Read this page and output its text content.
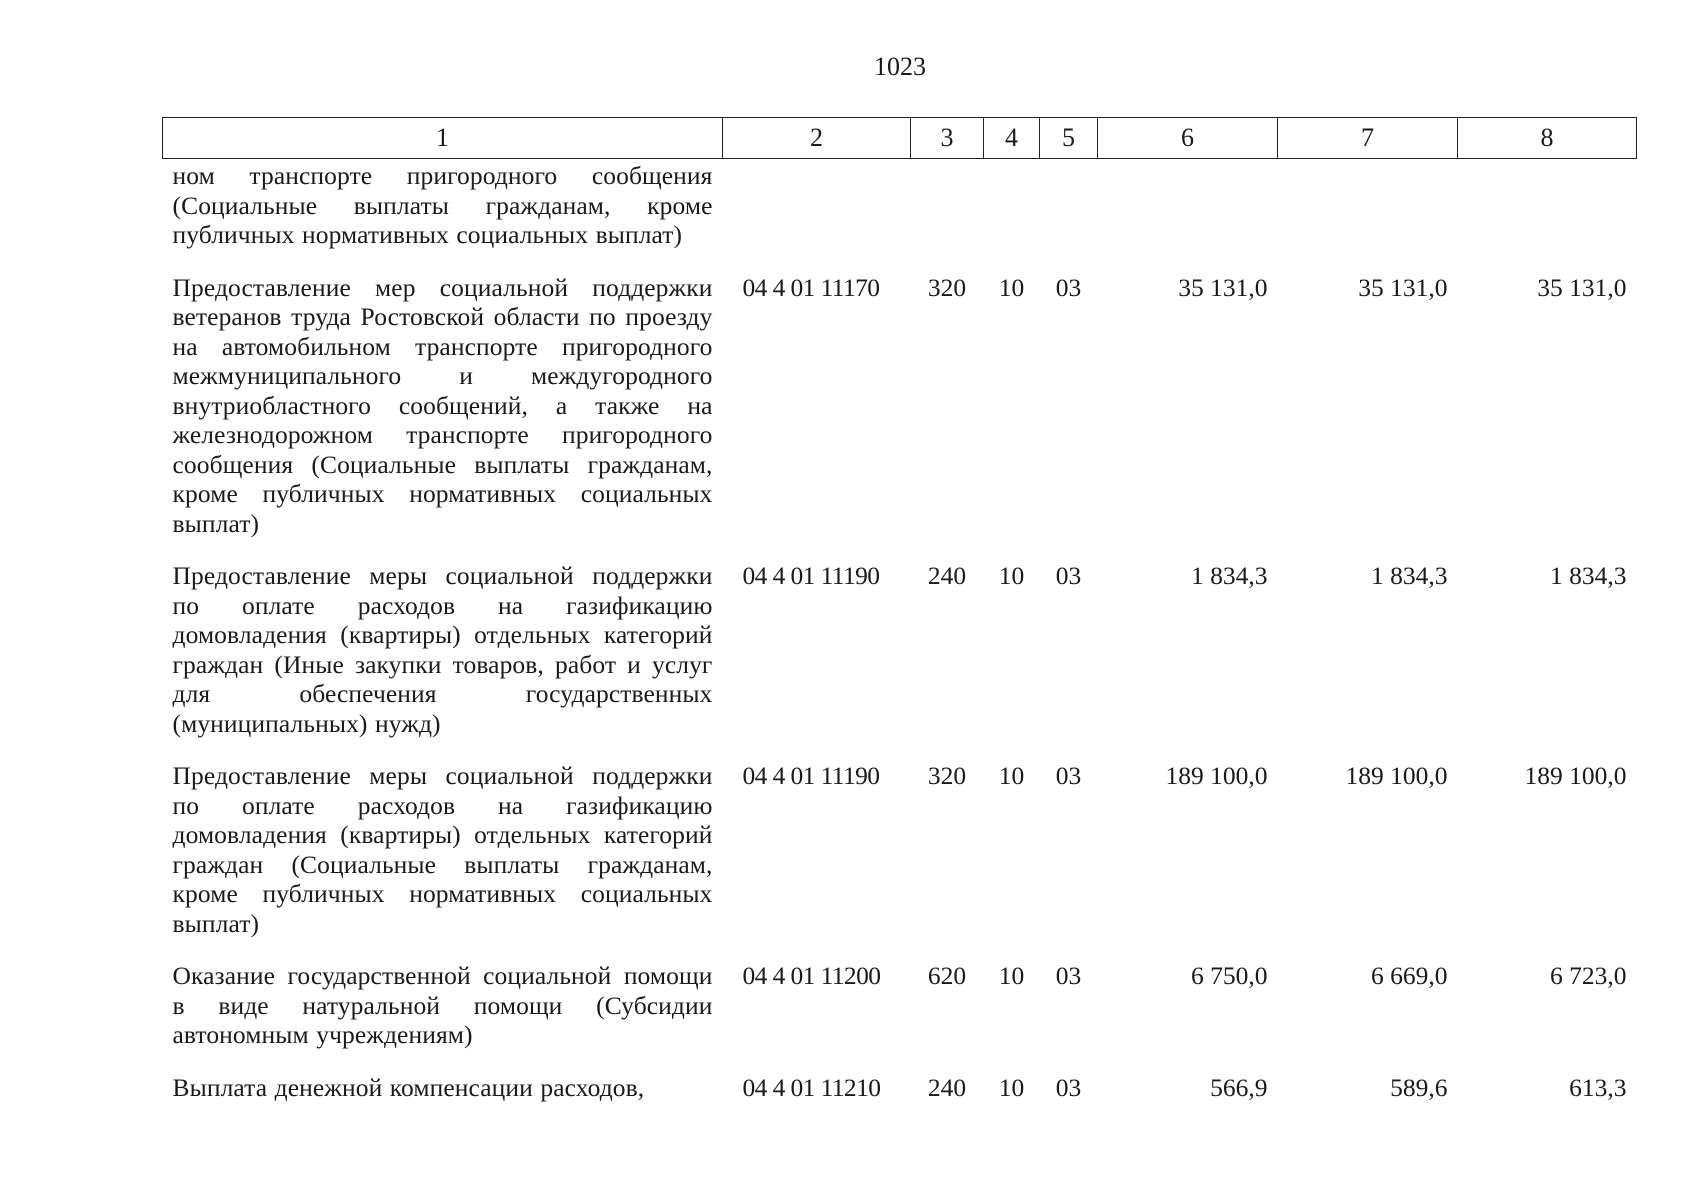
1023
1	2	3	4	5	6	7	8
ном транспорте пригородного сообщения (Социальные выплаты гражданам, кроме публичных нормативных социальных выплат)							
Предоставление мер социальной поддержки ветеранов труда Ростовской области по проезду на автомобильном транспорте пригородного межмуниципального и междугородного внутриобластного сообщений, а также на железнодорожном транспорте пригородного сообщения (Социальные выплаты гражданам, кроме публичных нормативных социальных выплат)	04 4 01 11170	320	10	03	35 131,0	35 131,0	35 131,0
Предоставление меры социальной поддержки по оплате расходов на газификацию домовладения (квартиры) отдельных категорий граждан (Иные закупки товаров, работ и услуг для обеспечения государственных (муниципальных) нужд)	04 4 01 11190	240	10	03	1 834,3	1 834,3	1 834,3
Предоставление меры социальной поддержки по оплате расходов на газификацию домовладения (квартиры) отдельных категорий граждан (Социальные выплаты гражданам, кроме публичных нормативных социальных выплат)	04 4 01 11190	320	10	03	189 100,0	189 100,0	189 100,0
Оказание государственной социальной помощи в виде натуральной помощи (Субсидии автономным учреждениям)	04 4 01 11200	620	10	03	6 750,0	6 669,0	6 723,0
Выплата денежной компенсации расходов,	04 4 01 11210	240	10	03	566,9	589,6	613,3
